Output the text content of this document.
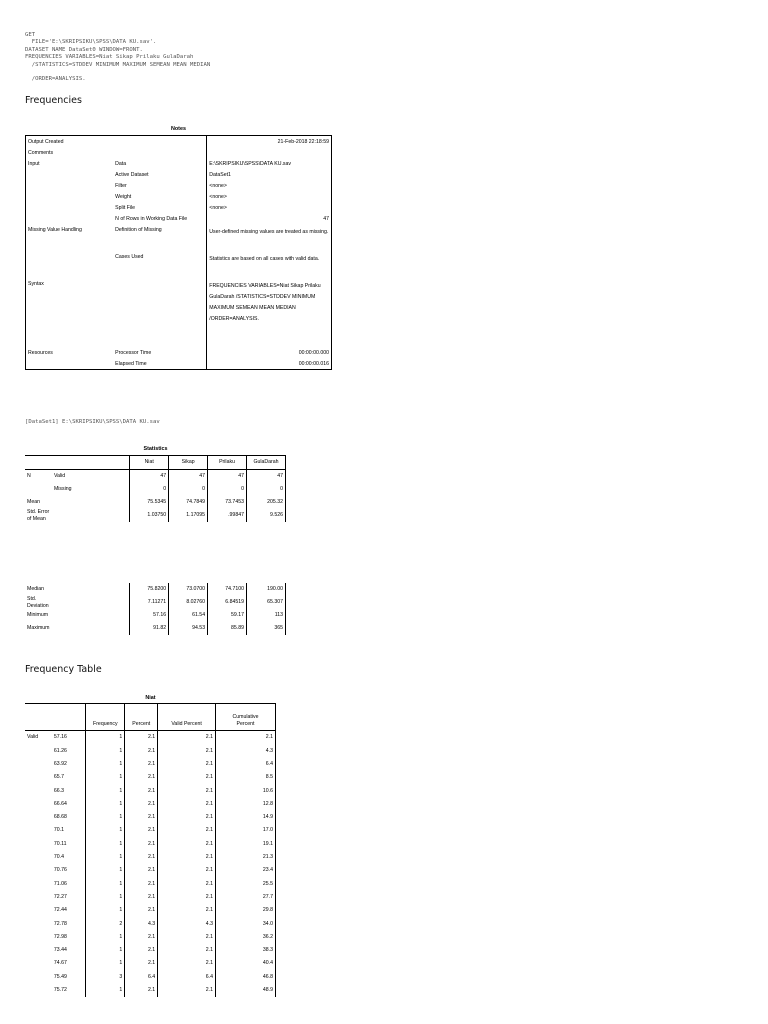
GET
FILE='E:\SKRIPSIKU\SPSS\DATA KU.sav'.
DATASET NAME DataSet0 WINDOW=FRONT.
FREQUENCIES VARIABLES=Niat Sikap Prilaku GulaDarah
/STATISTICS=STDDEV MINIMUM MAXIMUM SEMEAN MEAN MEDIAN

/ORDER=ANALYSIS.
Frequencies
Notes
Output Created		21-Feb-2018 22:18:59
Comments		
Input	Data	E:\SKRIPSIKU\SPSS\DATA KU.sav
	Active Dataset	DataSet1
	Filter	<none>
	Weight	<none>
	Split File	<none>
	N of Rows in Working Data File	47
Missing Value Handling	Definition of Missing	User-defined missing values are treated as missing.
	Cases Used	Statistics are based on all cases with valid data.
Syntax		FREQUENCIES VARIABLES=Niat Sikap Prilaku GulaDarah /STATISTICS=STDDEV MINIMUM MAXIMUM SEMEAN MEAN MEDIAN /ORDER=ANALYSIS.
Resources	Processor Time	00:00:00.000
	Elapsed Time	00:00:00.016
[DataSet1] E:\SKRIPSIKU\SPSS\DATA KU.sav
Statistics
		Niat	Sikap	Prilaku	GulaDarah
N	Valid	47	47	47	47
	Missing	0	0	0	0
Mean		75.5345	74.7849	73.7453	205.32
Std. Error of Mean		1.03750	1.17095	.99847	9.526
Median		75.8200	73.0700	74.7100	190.00
Std. Deviation		7.11271	8.02760	6.84519	65.307
Minimum		57.16	61.54	59.17	113
Maximum		91.82	94.53	85.89	365
Frequency Table
Niat
		Frequency	Percent	Valid Percent	Cumulative Percent
Valid	57.16	1	2.1	2.1	2.1
	61.26	1	2.1	2.1	4.3
	63.92	1	2.1	2.1	6.4
	65.7	1	2.1	2.1	8.5
	66.3	1	2.1	2.1	10.6
	66.64	1	2.1	2.1	12.8
	68.68	1	2.1	2.1	14.9
	70.1	1	2.1	2.1	17.0
	70.11	1	2.1	2.1	19.1
	70.4	1	2.1	2.1	21.3
	70.76	1	2.1	2.1	23.4
	71.06	1	2.1	2.1	25.5
	72.27	1	2.1	2.1	27.7
	72.44	1	2.1	2.1	29.8
	72.78	2	4.3	4.3	34.0
	72.98	1	2.1	2.1	36.2
	73.44	1	2.1	2.1	38.3
	74.67	1	2.1	2.1	40.4
	75.49	3	6.4	6.4	46.8
	75.72	1	2.1	2.1	48.9
